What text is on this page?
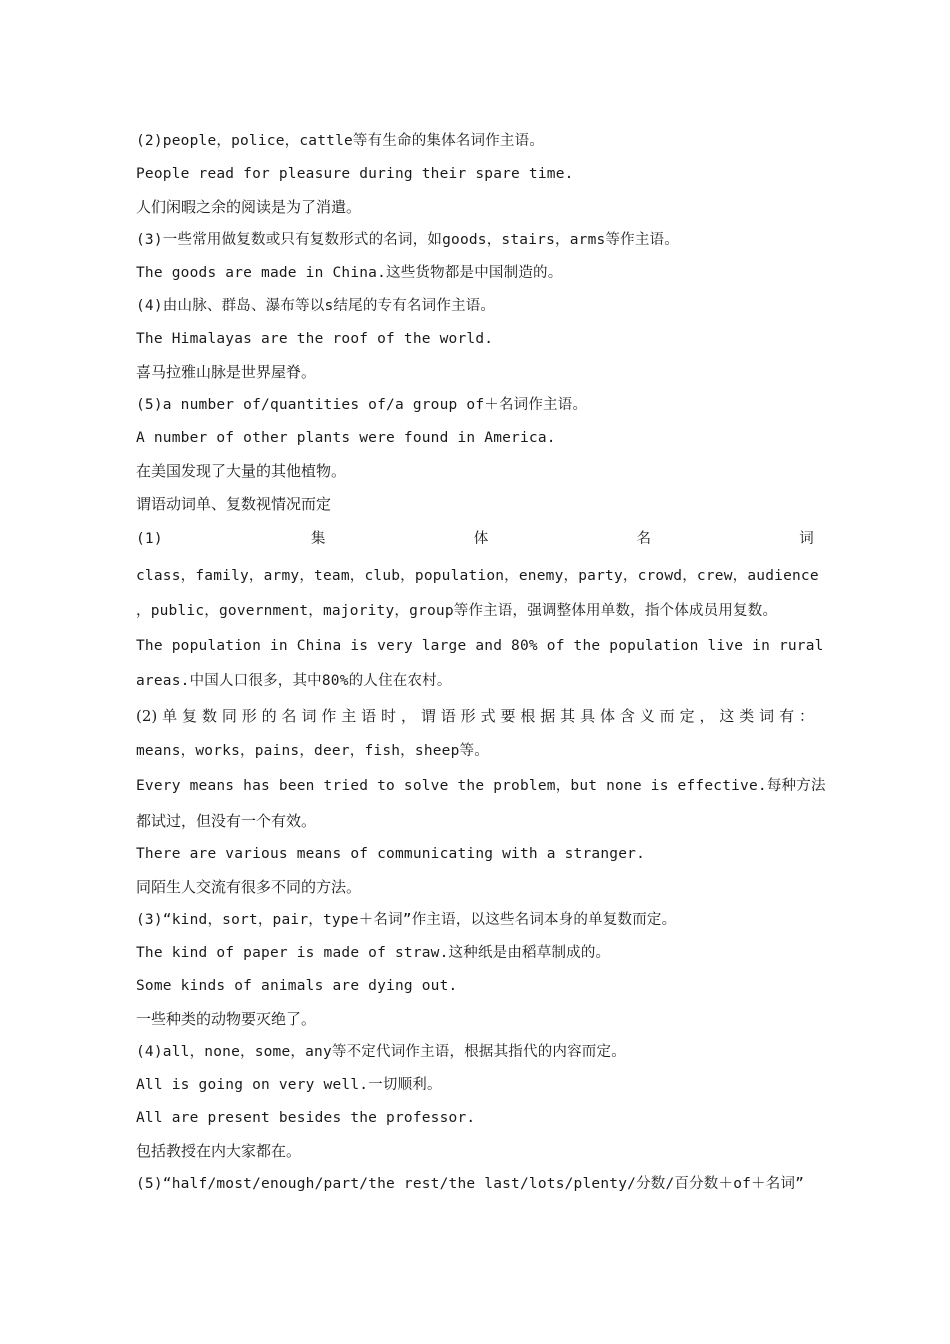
(2)people，police，cattle等有生命的集体名词作主语。
People read for pleasure during their spare time.
人们闲暇之余的阅读是为了消遣。
(3)一些常用做复数或只有复数形式的名词，如goods，stairs，arms等作主语。
The goods are made in China.这些货物都是中国制造的。
(4)由山脉、群岛、瀑布等以s结尾的专有名词作主语。
The Himalayas are the roof of the world.
喜马拉雅山脉是世界屋脊。
(5)a number of/quantities of/a group of＋名词作主语。
A number of other plants were found in America.
在美国发现了大量的其他植物。
谓语动词单、复数视情况而定
(1)	集	体	名	词
class，family，army，team，club，population，enemy，party，crowd，crew，audience
，public，government，majority，group等作主语，强调整体用单数，指个体成员用复数。
The population in China is very large and 80% of the population live in rural
areas.中国人口很多，其中80%的人住在农村。
(2)单复数同形的名词作主语时，谓语形式要根据其具体含义而定，这类词有：
means，works，pains，deer，fish，sheep等。
Every means has been tried to solve the problem，but none is effective.每种方法
都试过，但没有一个有效。
There are various means of communicating with a stranger.
同陌生人交流有很多不同的方法。
(3)“kind，sort，pair，type＋名词”作主语，以这些名词本身的单复数而定。
The kind of paper is made of straw.这种纸是由稻草制成的。
Some kinds of animals are dying out.
一些种类的动物要灭绝了。
(4)all，none，some，any等不定代词作主语，根据其指代的内容而定。
All is going on very well.一切顺利。
All are present besides the professor.
包括教授在内大家都在。
(5)“half/most/enough/part/the rest/the last/lots/plenty/分数/百分数＋of＋名词”
